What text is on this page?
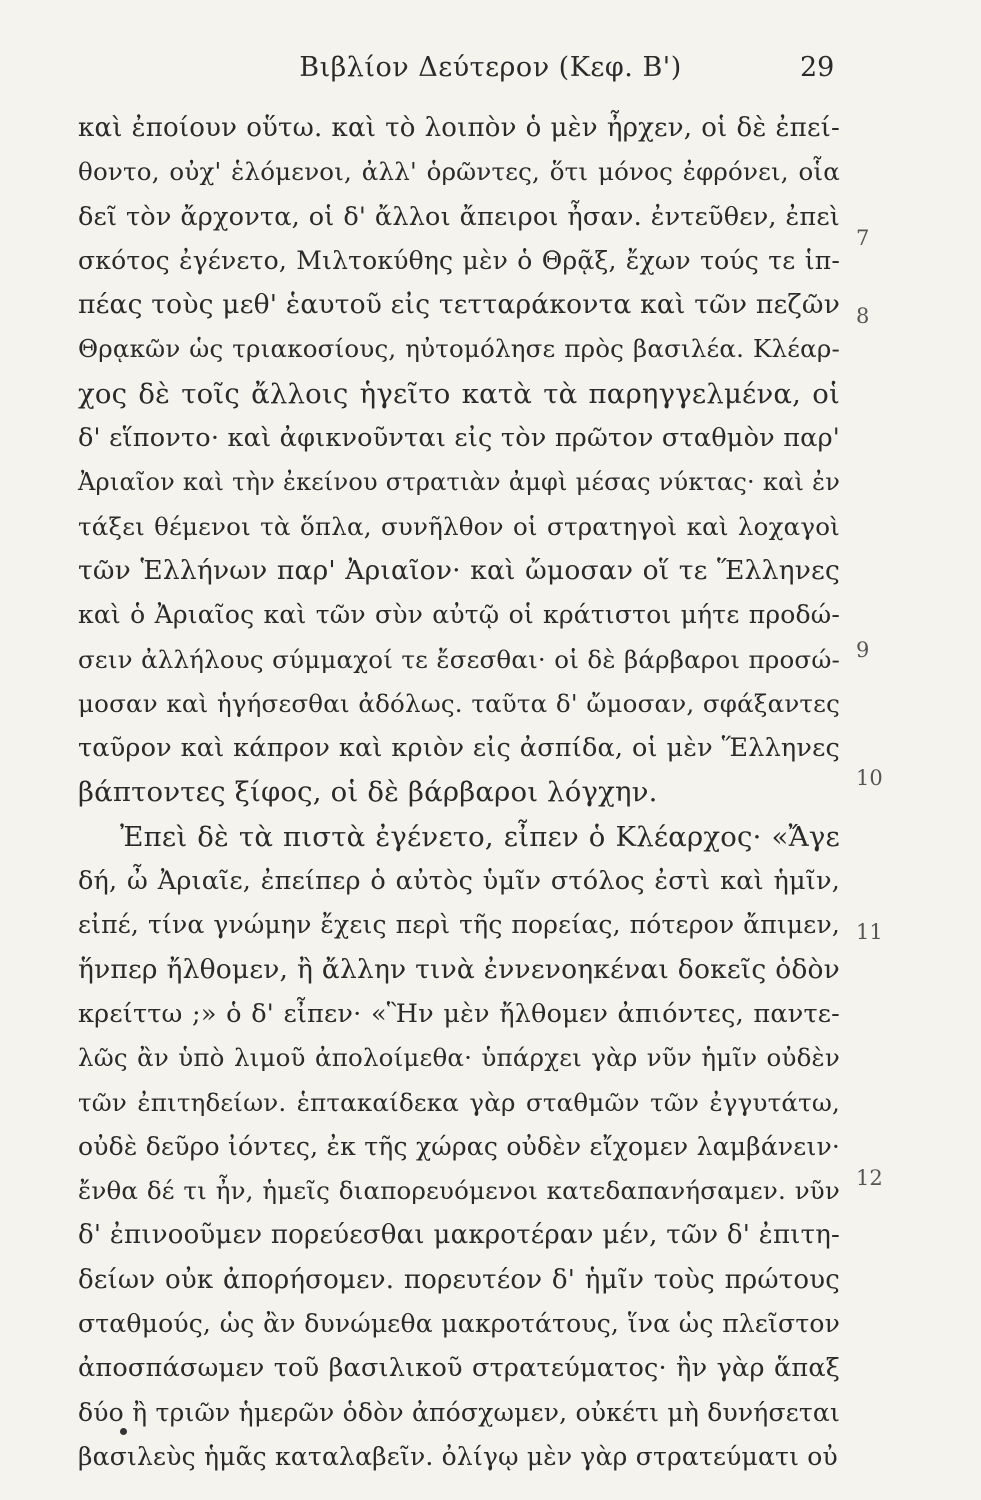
Βιβλίον Δεύτερον (Κεφ. Β')	29
καὶ ἐποίουν οὕτω. καὶ τὸ λοιπὸν ὁ μὲν ἦρχεν, οἱ δὲ ἐπεί-
θοντο, οὐχ' ἑλόμενοι, ἀλλ' ὁρῶντες, ὅτι μόνος ἐφρόνει, οἷα
δεῖ τὸν ἄρχοντα, οἱ δ' ἄλλοι ἄπειροι ἦσαν. ἐντεῦθεν, ἐπεὶ
σκότος ἐγένετο, Μιλτοκύθης μὲν ὁ Θρᾷξ, ἔχων τούς τε ἱπ-
πέας τοὺς μεθ' ἑαυτοῦ εἰς τετταράκοντα καὶ τῶν πεζῶν
Θρᾳκῶν ὡς τριακοσίους, ηὐτομόλησε πρὸς βασιλέα. Κλέαρ-
χος δὲ τοῖς ἄλλοις ἡγεῖτο κατὰ τὰ παρηγγελμένα, οἱ
δ' εἵποντο· καὶ ἀφικνοῦνται εἰς τὸν πρῶτον σταθμὸν παρ'
Ἀριαῖον καὶ τὴν ἐκείνου στρατιὰν ἀμφὶ μέσας νύκτας· καὶ ἐν
τάξει θέμενοι τὰ ὅπλα, συνῆλθον οἱ στρατηγοὶ καὶ λοχαγοὶ
τῶν Ἑλλήνων παρ' Ἀριαῖον· καὶ ὤμοσαν οἵ τε Ἕλληνες
καὶ ὁ Ἀριαῖος καὶ τῶν σὺν αὐτῷ οἱ κράτιστοι μήτε προδώ-
σειν ἀλλήλους σύμμαχοί τε ἔσεσθαι· οἱ δὲ βάρβαροι προσώ-
μοσαν καὶ ἡγήσεσθαι ἀδόλως. ταῦτα δ' ὤμοσαν, σφάξαντες
ταῦρον καὶ κάπρον καὶ κριὸν εἰς ἀσπίδα, οἱ μὲν Ἕλληνες
βάπτοντες ξίφος, οἱ δὲ βάρβαροι λόγχην.
Ἐπεὶ δὲ τὰ πιστὰ ἐγένετο, εἶπεν ὁ Κλέαρχος· «Ἄγε
δή, ὦ Ἀριαῖε, ἐπείπερ ὁ αὐτὸς ὑμῖν στόλος ἐστὶ καὶ ἡμῖν,
εἰπέ, τίνα γνώμην ἔχεις περὶ τῆς πορείας, πότερον ἄπιμεν,
ἥνπερ ἤλθομεν, ἢ ἄλλην τινὰ ἐννενοηκέναι δοκεῖς ὁδὸν
κρείττω ;» ὁ δ' εἶπεν· «Ἣν μὲν ἤλθομεν ἀπιόντες, παντε-
λῶς ἂν ὑπὸ λιμοῦ ἀπολοίμεθα· ὑπάρχει γὰρ νῦν ἡμῖν οὐδὲν
τῶν ἐπιτηδείων. ἑπτακαίδεκα γὰρ σταθμῶν τῶν ἐγγυτάτω,
οὐδὲ δεῦρο ἰόντες, ἐκ τῆς χώρας οὐδὲν εἴχομεν λαμβάνειν·
ἔνθα δέ τι ἦν, ἡμεῖς διαπορευόμενοι κατεδαπανήσαμεν. νῦν
δ' ἐπινοοῦμεν πορεύεσθαι μακροτέραν μέν, τῶν δ' ἐπιτη-
δείων οὐκ ἀπορήσομεν. πορευτέον δ' ἡμῖν τοὺς πρώτους
σταθμούς, ὡς ἂν δυνώμεθα μακροτάτους, ἵνα ὡς πλεῖστον
ἀποσπάσωμεν τοῦ βασιλικοῦ στρατεύματος· ἢν γὰρ ἅπαξ
δύο ἢ τριῶν ἡμερῶν ὁδὸν ἀπόσχωμεν, οὐκέτι μὴ δυνήσεται
βασιλεὺς ἡμᾶς καταλαβεῖν. ὀλίγῳ μὲν γὰρ στρατεύματι οὐ
7
8
9
10
11
12
